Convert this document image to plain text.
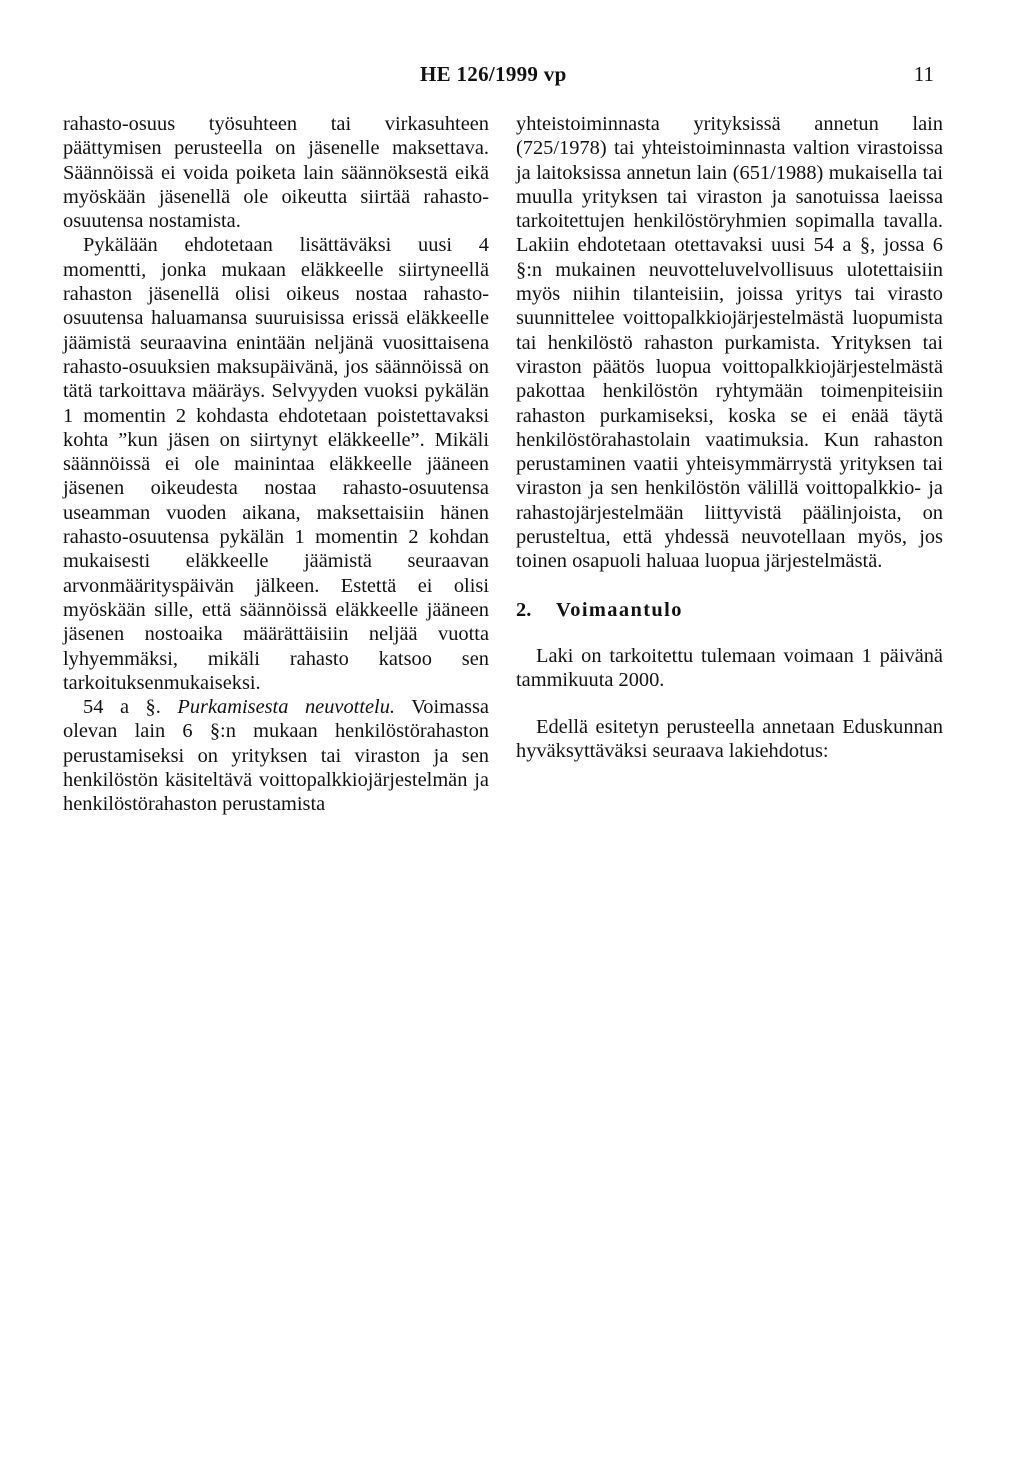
HE 126/1999 vp	11

rahasto-osuus työsuhteen tai virkasuhteen päättymisen perusteella on jäsenelle maksettava. Säännöissä ei voida poiketa lain säännöksestä eikä myöskään jäsenellä ole oikeutta siirtää rahasto-osuutensa nostamista.

Pykälään ehdotetaan lisättäväksi uusi 4 momentti, jonka mukaan eläkkeelle siirtyneellä rahaston jäsenellä olisi oikeus nostaa rahasto-osuutensa haluamansa suuruisissa erissä eläkkeelle jäämistä seuraavina enintään neljänä vuosittaisena rahasto-osuuksien maksupäivänä, jos säännöissä on tätä tarkoittava määräys. Selvyyden vuoksi pykälän 1 momentin 2 kohdasta ehdotetaan poistettavaksi kohta ”kun jäsen on siirtynyt eläkkeelle”. Mikäli säännöissä ei ole mainintaa eläkkeelle jääneen jäsenen oikeudesta nostaa rahasto-osuutensa useamman vuoden aikana, maksettaisiin hänen rahasto-osuutensa pykälän 1 momentin 2 kohdan mukaisesti eläkkeelle jäämistä seuraavan arvonmäärityspäivän jälkeen. Estettä ei olisi myöskään sille, että säännöissä eläkkeelle jääneen jäsenen nostoaika määrättäisiin neljää vuotta lyhyemmäksi, mikäli rahasto katsoo sen tarkoituksenmukaiseksi.

54 a §. Purkamisesta neuvottelu. Voimassa olevan lain 6 §:n mukaan henkilöstörahaston perustamiseksi on yrityksen tai viraston ja sen henkilöstön käsiteltävä voittopalkkiojärjestelmän ja henkilöstörahaston perustamista

yhteistoiminnasta yrityksissä annetun lain (725/1978) tai yhteistoiminnasta valtion virastoissa ja laitoksissa annetun lain (651/1988) mukaisella tai muulla yrityksen tai viraston ja sanotuissa laeissa tarkoitettujen henkilöstöryhmien sopimalla tavalla. Lakiin ehdotetaan otettavaksi uusi 54 a §, jossa 6 §:n mukainen neuvotteluvelvollisuus ulotettaisiin myös niihin tilanteisiin, joissa yritys tai virasto suunnittelee voittopalkkiojärjestelmästä luopumista tai henkilöstö rahaston purkamista. Yrityksen tai viraston päätös luopua voittopalkkiojärjestelmästä pakottaa henkilöstön ryhtymään toimenpiteisiin rahaston purkamiseksi, koska se ei enää täytä henkilöstörahastolain vaatimuksia. Kun rahaston perustaminen vaatii yhteisymmärrystä yrityksen tai viraston ja sen henkilöstön välillä voittopalkkio- ja rahastojärjestelmään liittyvistä päälinjoista, on perusteltua, että yhdessä neuvotellaan myös, jos toinen osapuoli haluaa luopua järjestelmästä.

2. Voimaantulo

Laki on tarkoitettu tulemaan voimaan 1 päivänä tammikuuta 2000.

Edellä esitetyn perusteella annetaan Eduskunnan hyväksyttäväksi seuraava lakiehdotus:
